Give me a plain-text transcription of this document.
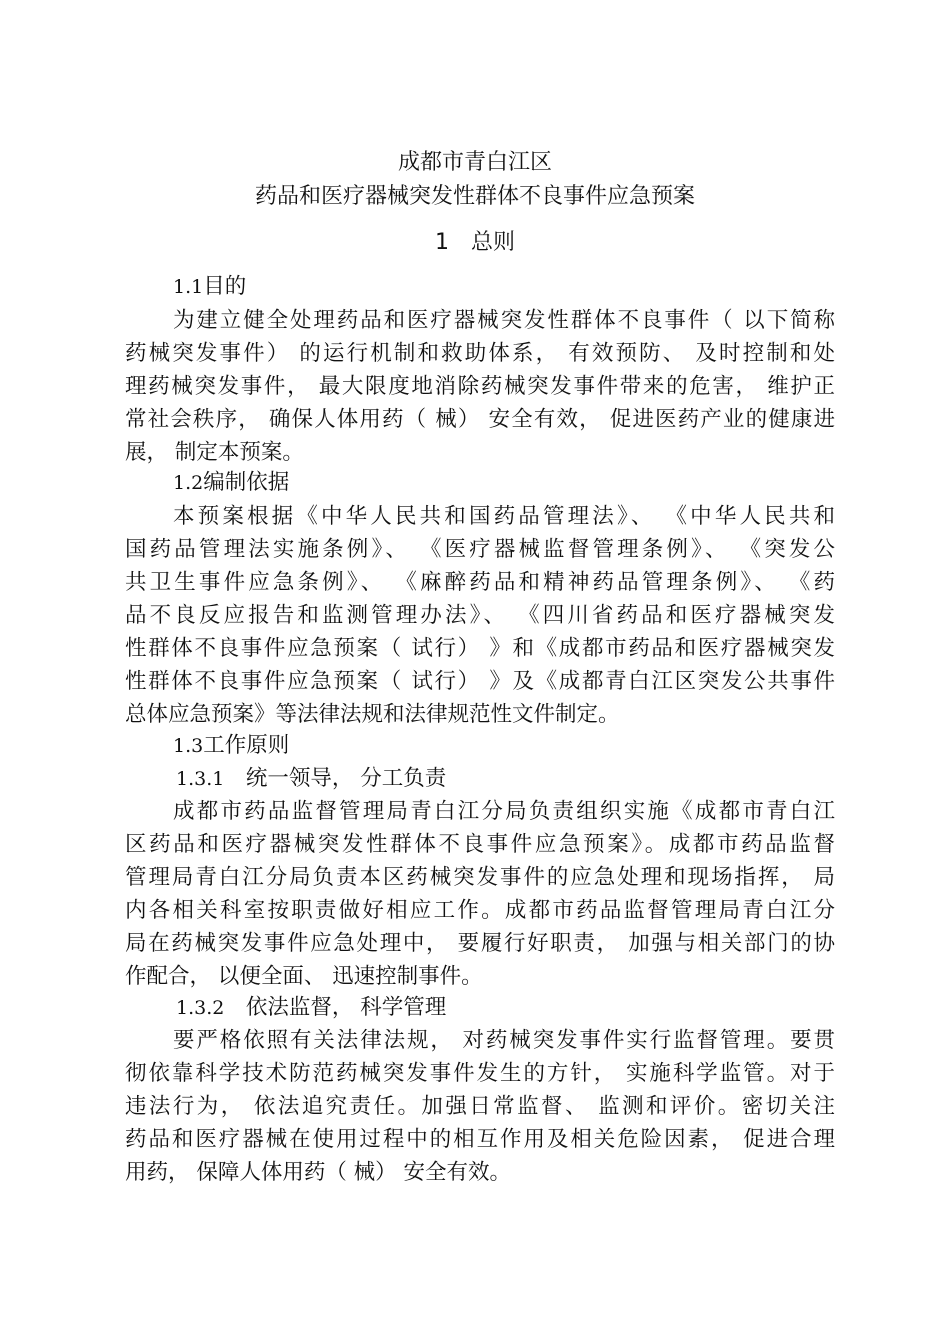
成都市青白江区
药品和医疗器械突发性群体不良事件应急预案
1　总则
1.1目的
为建立健全处理药品和医疗器械突发性群体不良事件（ 以下简称
药械突发事件） 的运行机制和救助体系， 有效预防、 及时控制和处
理药械突发事件， 最大限度地消除药械突发事件带来的危害， 维护正
常社会秩序， 确保人体用药（ 械） 安全有效， 促进医药产业的健康进
展， 制定本预案。
1.2编制依据
本预案根据《中华人民共和国药品管理法》、 《中华人民共和
国药品管理法实施条例》、 《医疗器械监督管理条例》、 《突发公
共卫生事件应急条例》、 《麻醉药品和精神药品管理条例》、 《药
品不良反应报告和监测管理办法》、 《四川省药品和医疗器械突发
性群体不良事件应急预案（ 试行） 》和《成都市药品和医疗器械突发
性群体不良事件应急预案（ 试行） 》及《成都青白江区突发公共事件
总体应急预案》等法律法规和法律规范性文件制定。
1.3工作原则
1.3.1　 统一领导， 分工负责
成都市药品监督管理局青白江分局负责组织实施《成都市青白江
区药品和医疗器械突发性群体不良事件应急预案》。成都市药品监督
管理局青白江分局负责本区药械突发事件的应急处理和现场指挥， 局
内各相关科室按职责做好相应工作。成都市药品监督管理局青白江分
局在药械突发事件应急处理中， 要履行好职责， 加强与相关部门的协
作配合， 以便全面、 迅速控制事件。
1.3.2　 依法监督， 科学管理
要严格依照有关法律法规， 对药械突发事件实行监督管理。要贯
彻依靠科学技术防范药械突发事件发生的方针， 实施科学监管。对于
违法行为， 依法追究责任。加强日常监督、 监测和评价。密切关注
药品和医疗器械在使用过程中的相互作用及相关危险因素， 促进合理
用药， 保障人体用药（ 械） 安全有效。
